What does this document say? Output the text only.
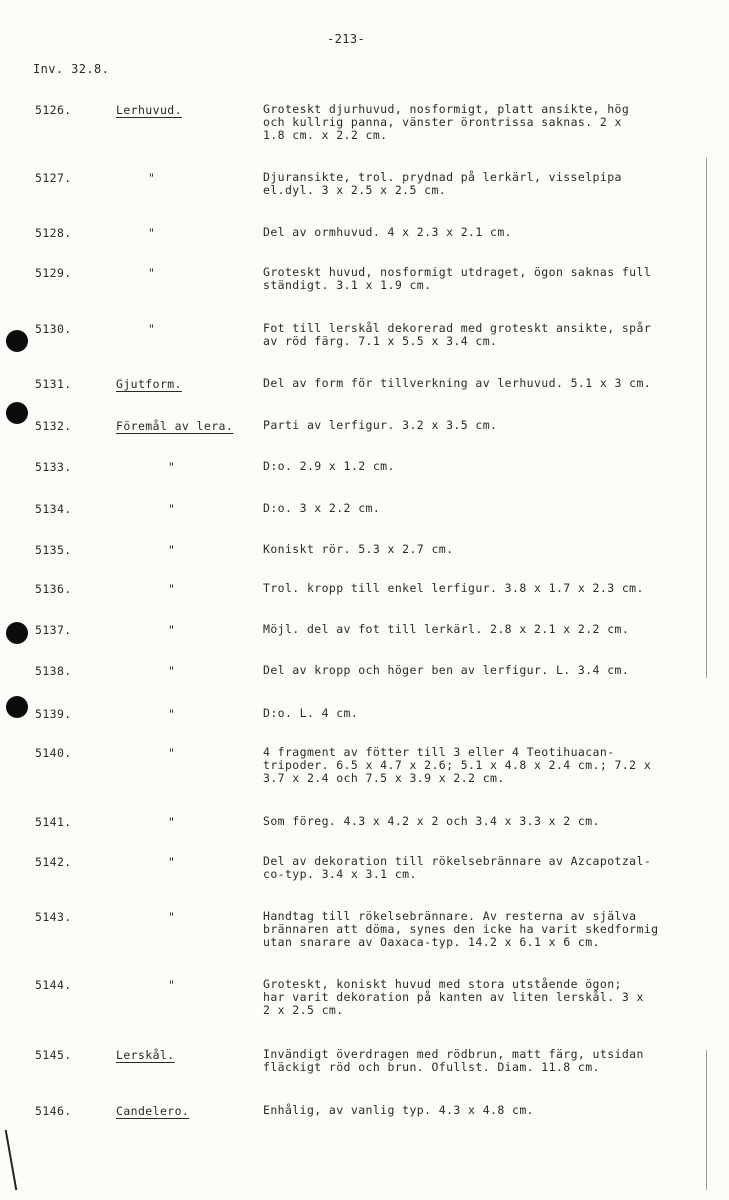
-213-
Inv. 32.8.
5126.	Lerhuvud.	Groteskt djurhuvud, nosformigt, platt ansikte, hög
och kullrig panna, vänster örontrissa saknas. 2 x
1.8 cm. x 2.2 cm.
5127.	"	Djuransikte, trol. prydnad på lerkärl, visselpipa
el.dyl. 3 x 2.5 x 2.5 cm.
5128.	"	Del av ormhuvud. 4 x 2.3 x 2.1 cm.
5129.	"	Groteskt huvud, nosformigt utdraget, ögon saknas full
ständigt. 3.1 x 1.9 cm.
5130.	"	Fot till lerskål dekorerad med groteskt ansikte, spår
av röd färg. 7.1 x 5.5 x 3.4 cm.
5131.	Gjutform.	Del av form för tillverkning av lerhuvud. 5.1 x 3 cm.
5132.	Föremål av lera.	Parti av lerfigur. 3.2 x 3.5 cm.
5133.	"	D:o. 2.9 x 1.2 cm.
5134.	"	D:o. 3 x 2.2 cm.
5135.	"	Koniskt rör. 5.3 x 2.7 cm.
5136.	"	Trol. kropp till enkel lerfigur. 3.8 x 1.7 x 2.3 cm.
5137.	"	Möjl. del av fot till lerkärl. 2.8 x 2.1 x 2.2 cm.
5138.	"	Del av kropp och höger ben av lerfigur. L. 3.4 cm.
5139.	"	D:o. L. 4 cm.
5140.	"	4 fragment av fötter till 3 eller 4 Teotihuacan-
tripoder. 6.5 x 4.7 x 2.6; 5.1 x 4.8 x 2.4 cm.; 7.2 x
3.7 x 2.4 och 7.5 x 3.9 x 2.2 cm.
5141.	"	Som föreg. 4.3 x 4.2 x 2 och 3.4 x 3.3 x 2 cm.
5142.	"	Del av dekoration till rökelsebrännare av Azcapotzal-
co-typ. 3.4 x 3.1 cm.
5143.	"	Handtag till rökelsebrännare. Av resterna av själva
brännaren att döma, synes den icke ha varit skedformig
utan snarare av Oaxaca-typ. 14.2 x 6.1 x 6 cm.
5144.	"	Groteskt, koniskt huvud med stora utstående ögon;
har varit dekoration på kanten av liten lerskål. 3 x
2 x 2.5 cm.
5145.	Lerskål.	Invändigt överdragen med rödbrun, matt färg, utsidan
fläckigt röd och brun. Ofullst. Diam. 11.8 cm.
5146.	Candelero.	Enhålig, av vanlig typ. 4.3 x 4.8 cm.
